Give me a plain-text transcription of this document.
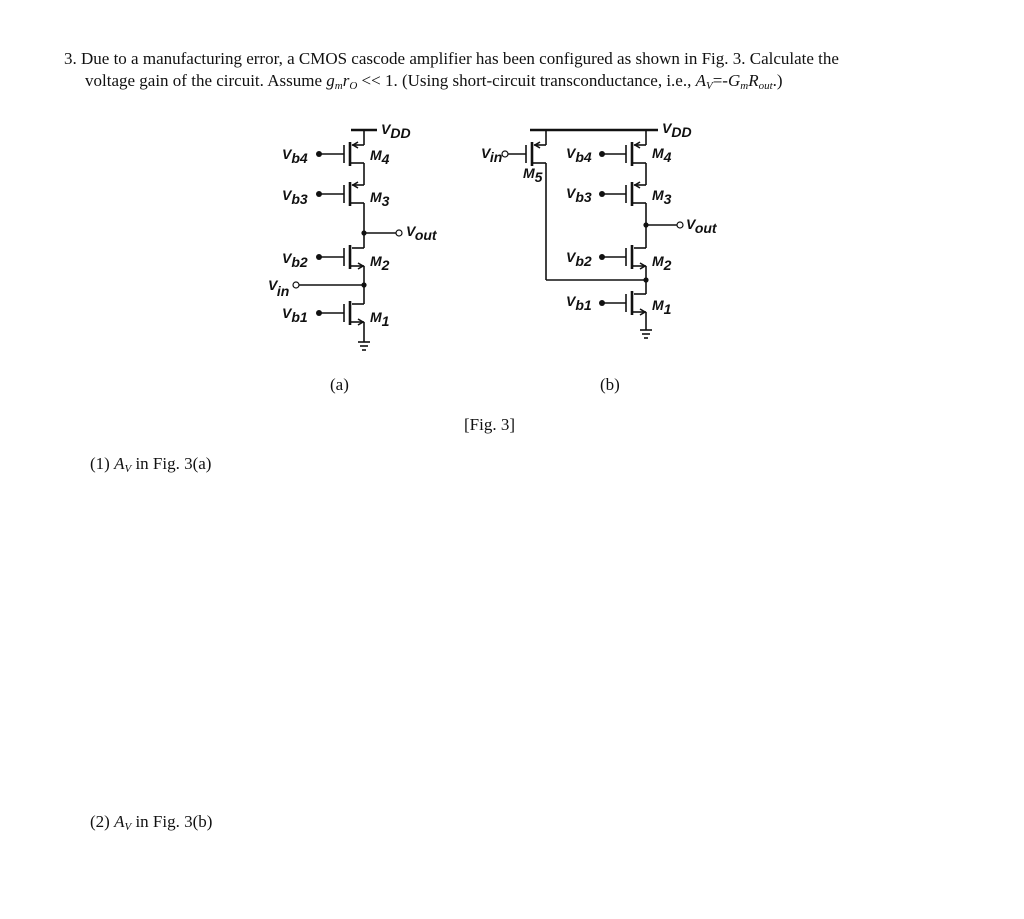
3. Due to a manufacturing error, a CMOS cascode amplifier has been configured as shown in Fig. 3. Calculate the
voltage gain of the circuit. Assume $g_mr_O << 1$. (Using short-circuit transconductance, i.e., $A_V=-G_mR_{out}$.)
VDD
Vb4	M4
Vb3	M3
Vout
Vb2	M2
Vin
Vb1	M1
(a)
VDD
Vin
M5
Vb4	M4
Vb3	M3
Vout
Vb2	M2
Vb1	M1
(b)
[Fig. 3]
(1) $A_V$ in Fig. 3(a)
(2) $A_V$ in Fig. 3(b)
